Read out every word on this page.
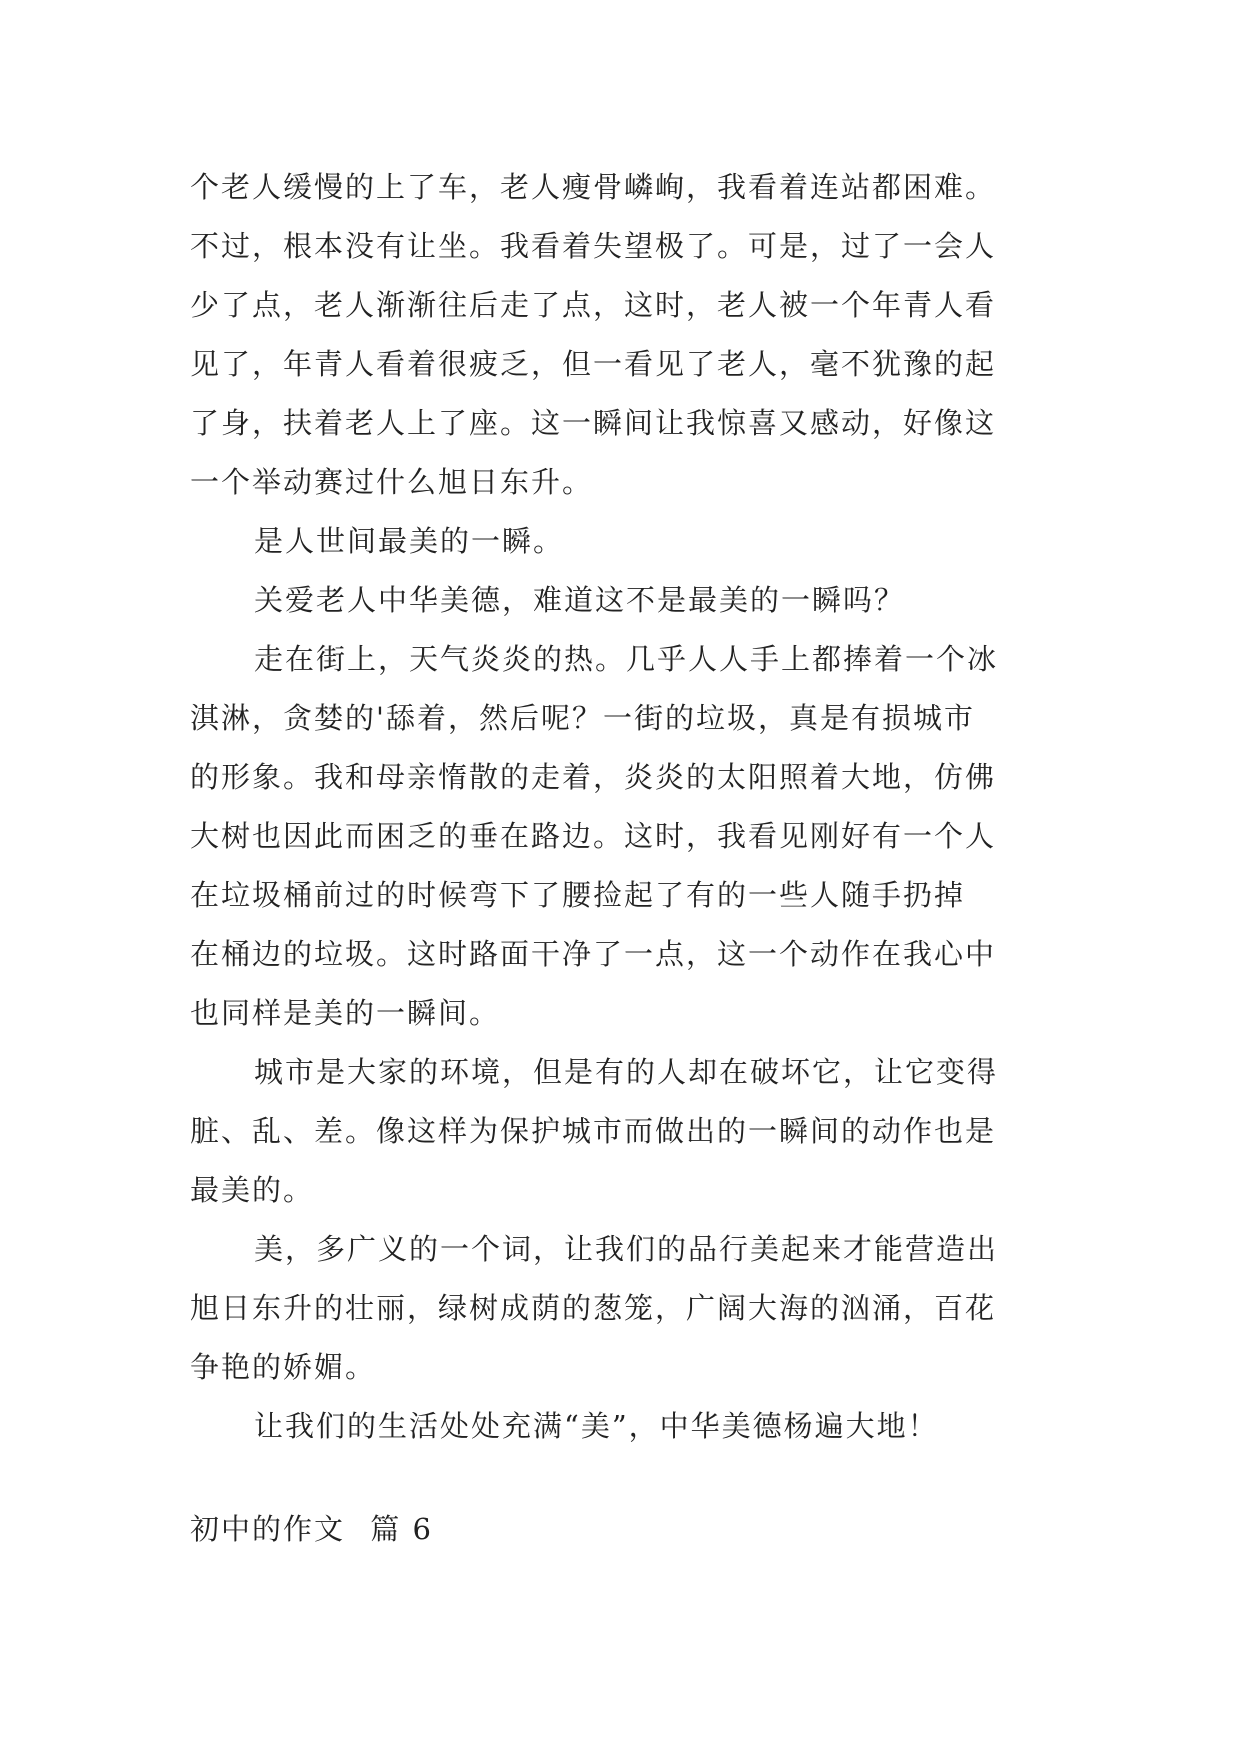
个老人缓慢的上了车，老人瘦骨嶙峋，我看着连站都困难。
不过，根本没有让坐。我看着失望极了。可是，过了一会人
少了点，老人渐渐往后走了点，这时，老人被一个年青人看
见了，年青人看着很疲乏，但一看见了老人，毫不犹豫的起
了身，扶着老人上了座。这一瞬间让我惊喜又感动，好像这
一个举动赛过什么旭日东升。

是人世间最美的一瞬。

关爱老人中华美德，难道这不是最美的一瞬吗？

走在街上，天气炎炎的热。几乎人人手上都捧着一个冰
淇淋，贪婪的'舔着，然后呢？一街的垃圾，真是有损城市
的形象。我和母亲惰散的走着，炎炎的太阳照着大地，仿佛
大树也因此而困乏的垂在路边。这时，我看见刚好有一个人
在垃圾桶前过的时候弯下了腰捡起了有的一些人随手扔掉
在桶边的垃圾。这时路面干净了一点，这一个动作在我心中
也同样是美的一瞬间。

城市是大家的环境，但是有的人却在破坏它，让它变得
脏、乱、差。像这样为保护城市而做出的一瞬间的动作也是
最美的。

美，多广义的一个词，让我们的品行美起来才能营造出
旭日东升的壮丽，绿树成荫的葱笼，广阔大海的汹涌，百花
争艳的娇媚。

让我们的生活处处充满“美”，中华美德杨遍大地！

初中的作文 篇 6
